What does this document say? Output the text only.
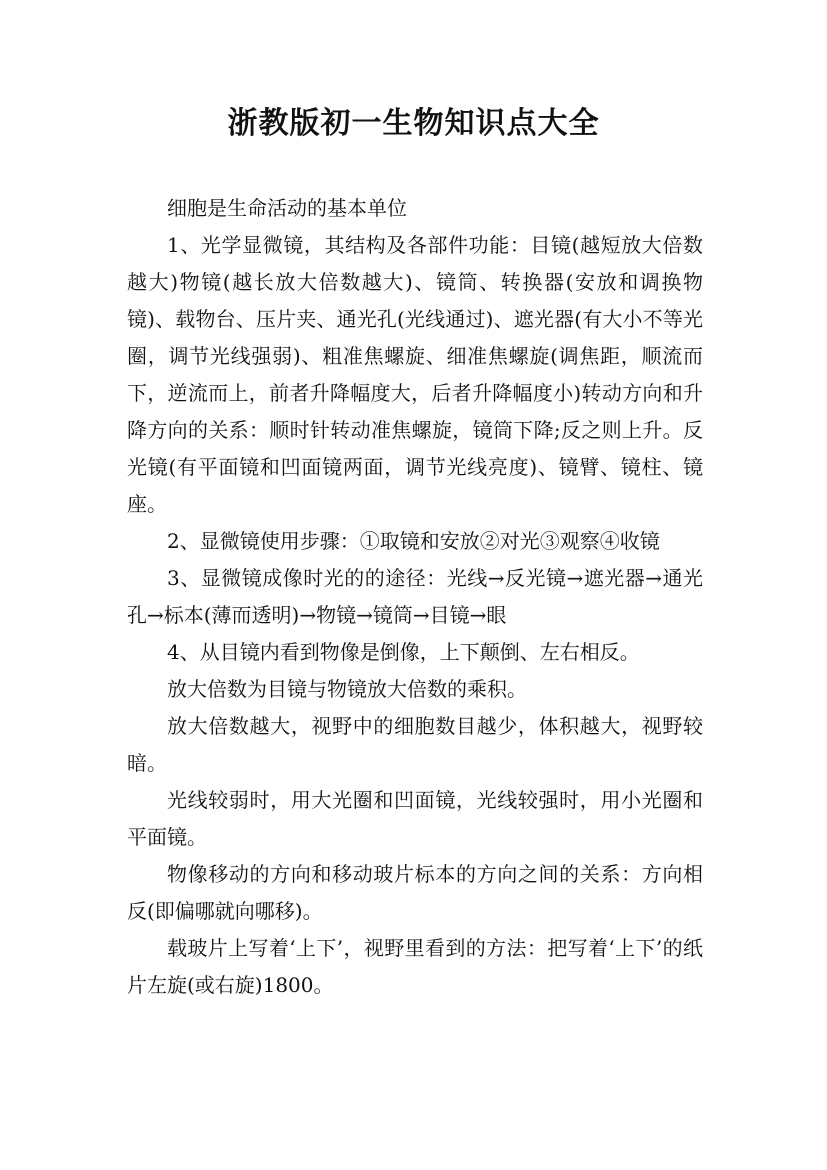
浙教版初一生物知识点大全

细胞是生命活动的基本单位

1、光学显微镜，其结构及各部件功能：目镜(越短放大倍数越大)物镜(越长放大倍数越大)、镜筒、转换器(安放和调换物镜)、载物台、压片夹、通光孔(光线通过)、遮光器(有大小不等光圈，调节光线强弱)、粗准焦螺旋、细准焦螺旋(调焦距，顺流而下，逆流而上，前者升降幅度大，后者升降幅度小)转动方向和升降方向的关系：顺时针转动准焦螺旋，镜筒下降;反之则上升。反光镜(有平面镜和凹面镜两面，调节光线亮度)、镜臂、镜柱、镜座。

2、显微镜使用步骤：①取镜和安放②对光③观察④收镜

3、显微镜成像时光的的途径：光线→反光镜→遮光器→通光孔→标本(薄而透明)→物镜→镜筒→目镜→眼

4、从目镜内看到物像是倒像，上下颠倒、左右相反。

放大倍数为目镜与物镜放大倍数的乘积。

放大倍数越大，视野中的细胞数目越少，体积越大，视野较暗。

光线较弱时，用大光圈和凹面镜，光线较强时，用小光圈和平面镜。

物像移动的方向和移动玻片标本的方向之间的关系：方向相反(即偏哪就向哪移)。

载玻片上写着‘上下’，视野里看到的方法：把写着‘上下’的纸片左旋(或右旋)1800。
